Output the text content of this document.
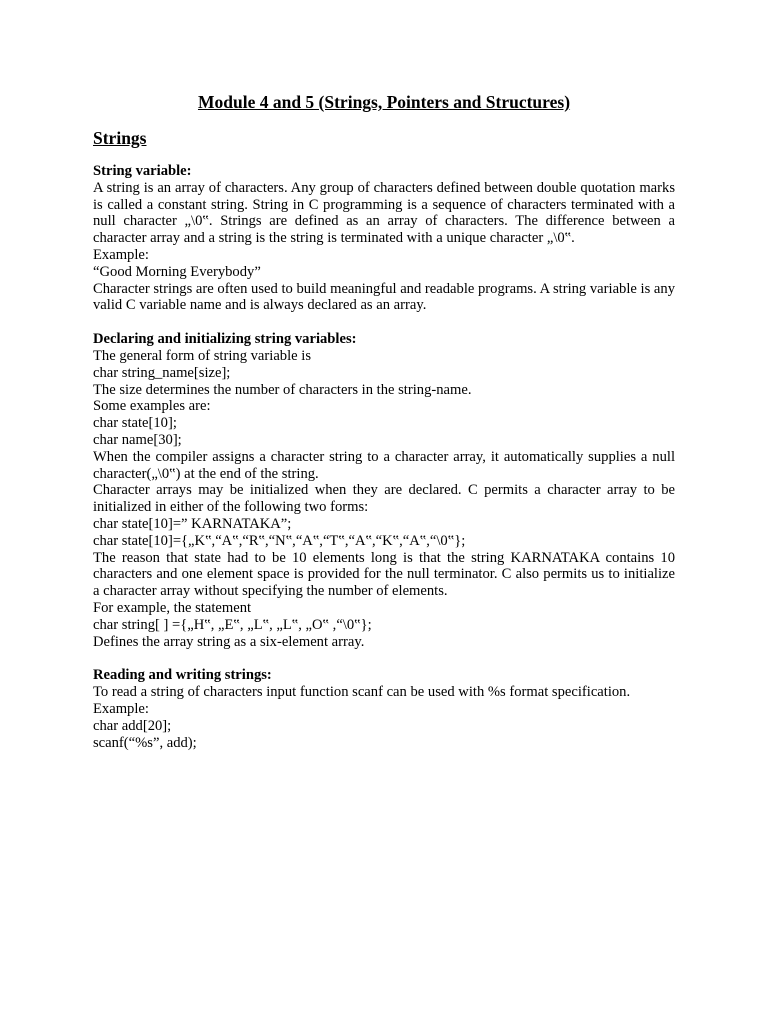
Module 4 and 5 (Strings, Pointers and Structures)
Strings

String variable:

A string is an array of characters. Any group of characters defined between double quotation marks is called a constant string. String in C programming is a sequence of characters terminated with a null character „\0‟. Strings are defined as an array of characters. The difference between a character array and a string is the string is terminated with a unique character „\0‟.

Example:

“Good Morning Everybody”

Character strings are often used to build meaningful and readable programs. A string variable is any valid C variable name and is always declared as an array.

Declaring and initializing string variables:

The general form of string variable is

char string_name[size];

The size determines the number of characters in the string-name.

Some examples are:

char state[10];

char name[30];

When the compiler assigns a character string to a character array, it automatically supplies a null character(„\0‟) at the end of the string.

Character arrays may be initialized when they are declared. C permits a character array to be initialized in either of the following two forms:

char state[10]=” KARNATAKA”;

char state[10]={„K‟,“A‟,“R‟,“N‟,“A‟,“T‟,“A‟,“K‟,“A‟,“\0‟};

The reason that state had to be 10 elements long is that the string KARNATAKA contains 10 characters and one element space is provided for the null terminator. C also permits us to initialize a character array without specifying the number of elements.

For example, the statement

char string[ ] ={„H‟, „E‟, „L‟, „L‟, „O‟ ,“\0‟};

Defines the array string as a six-element array.

Reading and writing strings:

To read a string of characters input function scanf can be used with %s format specification.

Example:

char add[20];

scanf(“%s”, add);
